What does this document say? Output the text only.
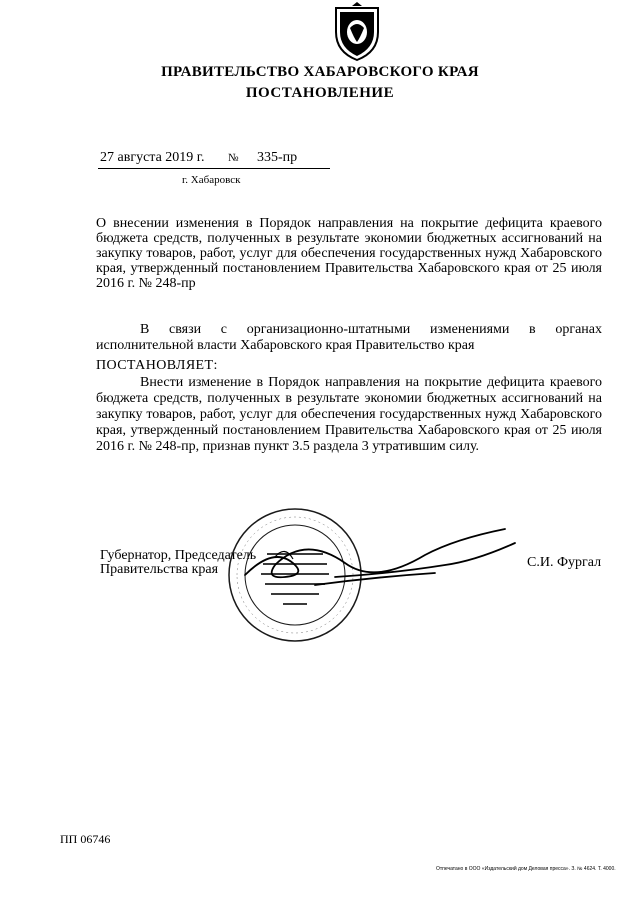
ПРАВИТЕЛЬСТВО ХАБАРОВСКОГО КРАЯ
ПОСТАНОВЛЕНИЕ
27 августа 2019 г. № 335-пр
г. Хабаровск
О внесении изменения в Порядок направления на покрытие дефицита краевого бюджета средств, полученных в результате экономии бюджетных ассигнований на закупку товаров, работ, услуг для обеспечения государственных нужд Хабаровского края, утвержденный постановлением Правительства Хабаровского края от 25 июля 2016 г. № 248-пр
В связи с организационно-штатными изменениями в органах исполнительной власти Хабаровского края Правительство края
ПОСТАНОВЛЯЕТ:
Внести изменение в Порядок направления на покрытие дефицита краевого бюджета средств, полученных в результате экономии бюджетных ассигнований на закупку товаров, работ, услуг для обеспечения государственных нужд Хабаровского края, утвержденный постановлением Правительства Хабаровского края от 25 июля 2016 г. № 248-пр, признав пункт 3.5 раздела 3 утратившим силу.
Губернатор, Председатель
Правительства края	С.И. Фургал
ПП 06746
Отпечатано в ООО «Издательский дом Деловая пресса». З. № 4624. Т. 4000.
